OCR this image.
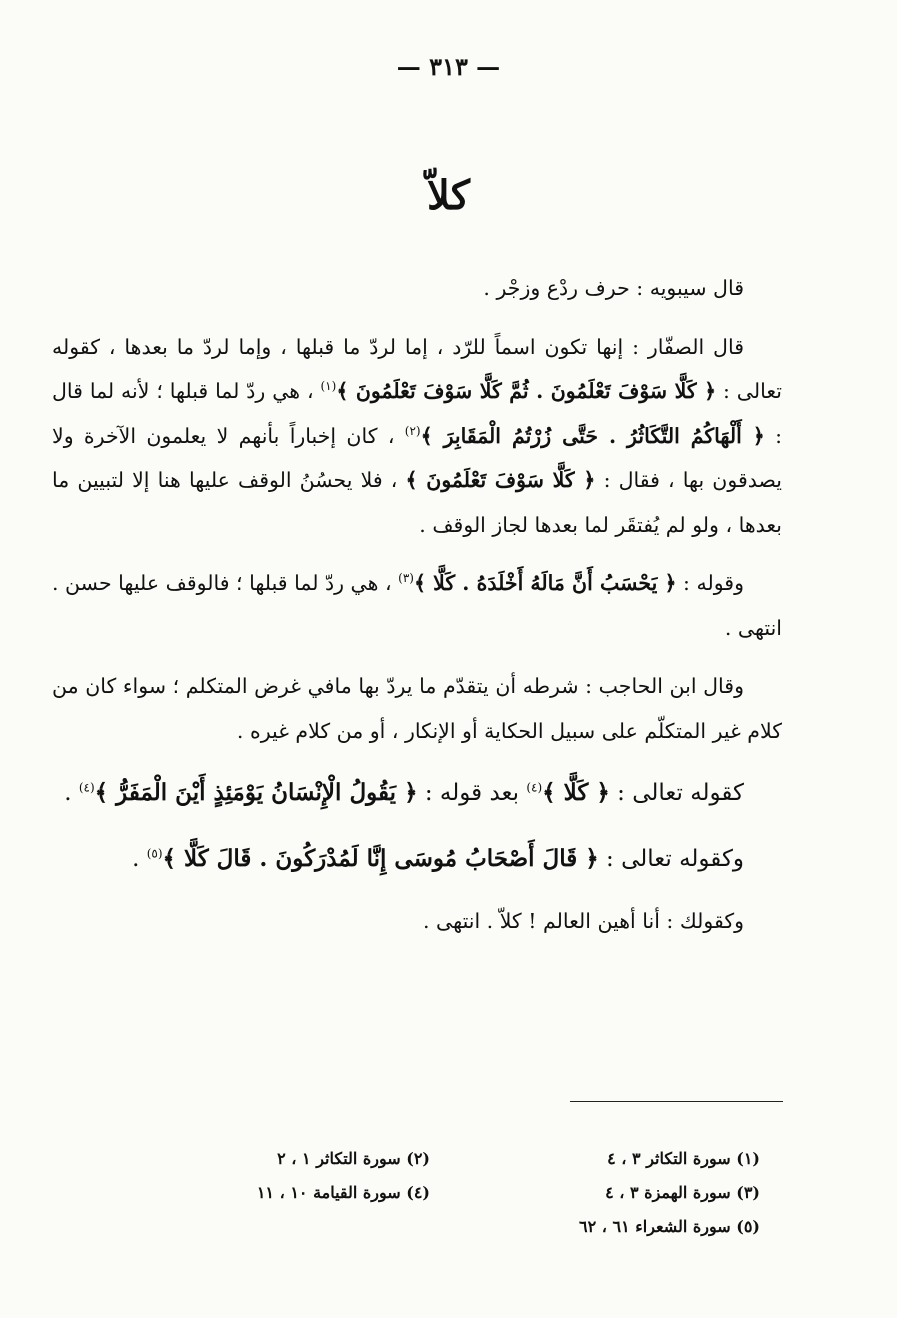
— ٣١٣ —
كلاّ

قال سيبويه : حرف ردْع وزجْر .

قال الصفّار : إنها تكون اسماً للرّد ، إما لردّ ما قبلها ، وإما لردّ ما بعدها ، كقوله تعالى : ﴿ كَلَّا سَوْفَ تَعْلَمُونَ . ثُمَّ كَلَّا سَوْفَ تَعْلَمُونَ ﴾$^{(١)}$ ، هي ردّ لما قبلها ؛ لأنه لما قال : ﴿ أَلْهَاكُمُ التَّكَاثُرُ . حَتَّى زُرْتُمُ الْمَقَابِرَ ﴾$^{(٢)}$ ، كان إخباراً بأنهم لا يعلمون الآخرة ولا يصدقون بها ، فقال : ﴿ كَلَّا سَوْفَ تَعْلَمُونَ ﴾ ، فلا يحسُنُ الوقف عليها هنا إلا لتبيين ما بعدها ، ولو لم يُفتقَر لما بعدها لجاز الوقف .

وقوله : ﴿ يَحْسَبُ أَنَّ مَالَهُ أَخْلَدَهُ . كَلَّا ﴾$^{(٣)}$ ، هي ردّ لما قبلها ؛ فالوقف عليها حسن . انتهى .

وقال ابن الحاجب : شرطه أن يتقدّم ما يردّ بها مافي غرض المتكلم ؛ سواء كان من كلام غير المتكلّم على سبيل الحكاية أو الإنكار ، أو من كلام غيره .

كقوله تعالى : ﴿ كَلَّا ﴾$^{(٤)}$ بعد قوله : ﴿ يَقُولُ الْإِنْسَانُ يَوْمَئِذٍ أَيْنَ الْمَفَرُّ ﴾$^{(٤)}$ .

وكقوله تعالى : ﴿ قَالَ أَصْحَابُ مُوسَى إِنَّا لَمُدْرَكُونَ . قَالَ كَلَّا ﴾$^{(٥)}$ .

وكقولك : أنا أهين العالم ! كلاّ . انتهى .

(١) سورة التكاثر ٣ ، ٤
(٢) سورة التكاثر ١ ، ٢
(٣) سورة الهمزة ٣ ، ٤
(٤) سورة القيامة ١٠ ، ١١
(٥) سورة الشعراء ٦١ ، ٦٢
